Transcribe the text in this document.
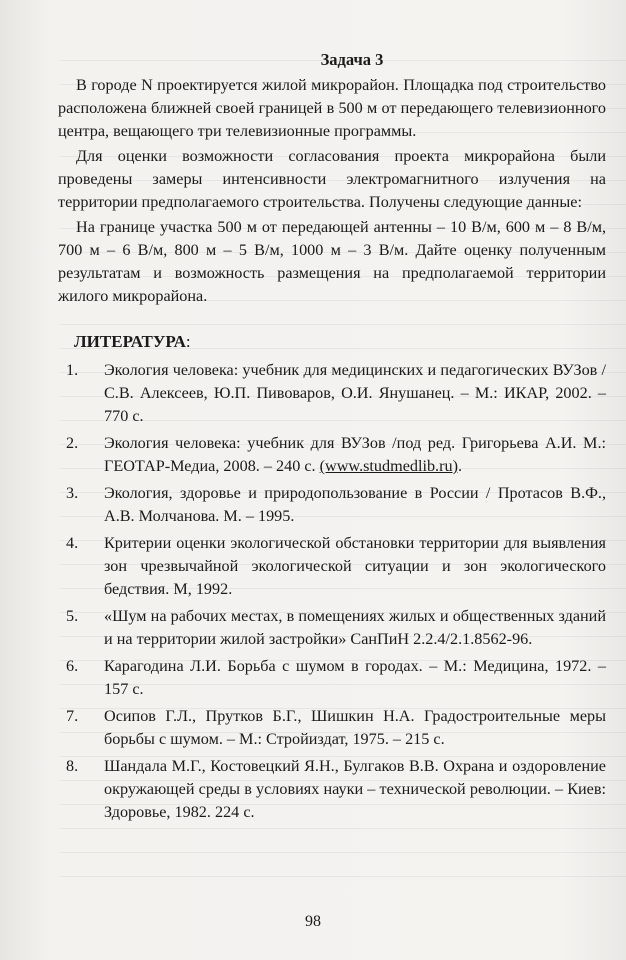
Задача 3

В городе N проектируется жилой микрорайон. Площадка под строительство расположена ближней своей границей в 500 м от передающего телевизионного центра, вещающего три телевизионные программы.

Для оценки возможности согласования проекта микрорайона были проведены замеры интенсивности электромагнитного излучения на территории предполагаемого строительства. Получены следующие данные:

На границе участка 500 м от передающей антенны – 10 В/м, 600 м – 8 В/м, 700 м – 6 В/м, 800 м – 5 В/м, 1000 м – 3 В/м. Дайте оценку полученным результатам и возможность размещения на предполагаемой территории жилого микрорайона.

ЛИТЕРАТУРА:
1. Экология человека: учебник для медицинских и педагогических ВУЗов / С.В. Алексеев, Ю.П. Пивоваров, О.И. Янушанец. – М.: ИКАР, 2002. – 770 с.
2. Экология человека: учебник для ВУЗов /под ред. Григорьева А.И. М.: ГЕОТАР-Медиа, 2008. – 240 с. (www.studmedlib.ru).
3. Экология, здоровье и природопользование в России / Протасов В.Ф., А.В. Молчанова. М. – 1995.
4. Критерии оценки экологической обстановки территории для выявления зон чрезвычайной экологической ситуации и зон экологического бедствия. М, 1992.
5. «Шум на рабочих местах, в помещениях жилых и общественных зданий и на территории жилой застройки» СанПиН 2.2.4/2.1.8562-96.
6. Карагодина Л.И. Борьба с шумом в городах. – М.: Медицина, 1972. – 157 с.
7. Осипов Г.Л., Прутков Б.Г., Шишкин Н.А. Градостроительные меры борьбы с шумом. – М.: Стройиздат, 1975. – 215 с.
8. Шандала М.Г., Костовецкий Я.Н., Булгаков В.В. Охрана и оздоровление окружающей среды в условиях науки – технической революции. – Киев: Здоровье, 1982. 224 с.
98
